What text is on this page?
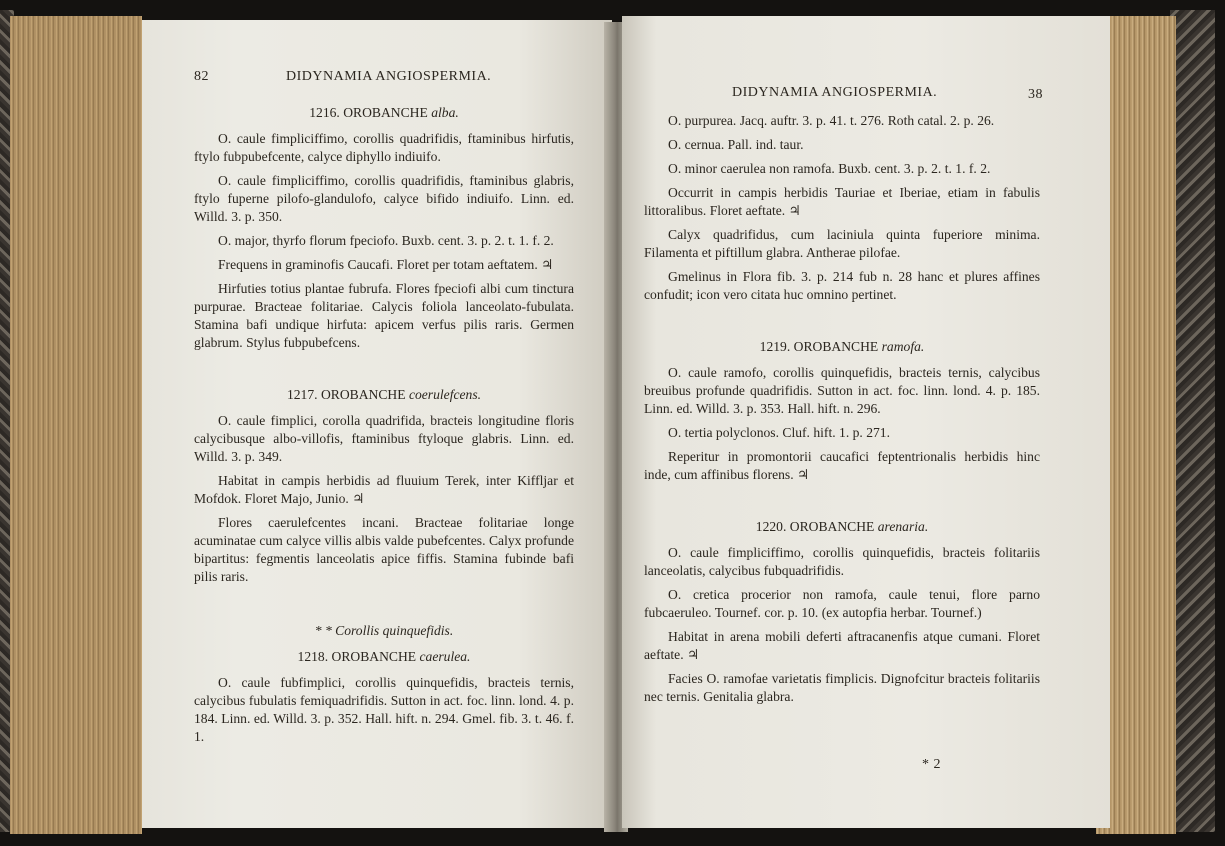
82	DIDYNAMIA ANGIOSPERMIA.
1216. OROBANCHE alba.

O. caule fimpliciffimo, corollis quadrifidis, ftaminibus hirfutis, ftylo fubpubefcente, calyce diphyllo indiuifo.

O. caule fimpliciffimo, corollis quadrifidis, ftaminibus glabris, ftylo fuperne pilofo-glandulofo, calyce bifido indiuifo. Linn. ed. Willd. 3. p. 350.

O. major, thyrfo florum fpeciofo. Buxb. cent. 3. p. 2. t. 1. f. 2.

Frequens in graminofis Caucafi. Floret per totam aeftatem. ♃

Hirfuties totius plantae fubrufa. Flores fpeciofi albi cum tinctura purpurae. Bracteae folitariae. Calycis foliola lanceolato-fubulata. Stamina bafi undique hirfuta: apicem verfus pilis raris. Germen glabrum. Stylus fubpubefcens.

1217. OROBANCHE coerulefcens.

O. caule fimplici, corolla quadrifida, bracteis longitudine floris calycibusque albo-villofis, ftaminibus ftyloque glabris. Linn. ed. Willd. 3. p. 349.

Habitat in campis herbidis ad fluuium Terek, inter Kiffljar et Mofdok. Floret Majo, Junio. ♃

Flores caerulefcentes incani. Bracteae folitariae longe acuminatae cum calyce villis albis valde pubefcentes. Calyx profunde bipartitus: fegmentis lanceolatis apice fiffis. Stamina fubinde bafi pilis raris.

* * Corollis quinquefidis.

1218. OROBANCHE caerulea.

O. caule fubfimplici, corollis quinquefidis, bracteis ternis, calycibus fubulatis femiquadrifidis. Sutton in act. foc. linn. lond. 4. p. 184. Linn. ed. Willd. 3. p. 352. Hall. hift. n. 294. Gmel. fib. 3. t. 46. f. 1.

DIDYNAMIA ANGIOSPERMIA.	38

O. purpurea. Jacq. auftr. 3. p. 41. t. 276. Roth catal. 2. p. 26.

O. cernua. Pall. ind. taur.

O. minor caerulea non ramofa. Buxb. cent. 3. p. 2. t. 1. f. 2.

Occurrit in campis herbidis Tauriae et Iberiae, etiam in fabulis littoralibus. Floret aeftate. ♃

Calyx quadrifidus, cum laciniula quinta fuperiore minima. Filamenta et piftillum glabra. Antherae pilofae.

Gmelinus in Flora fib. 3. p. 214 fub n. 28 hanc et plures affines confudit; icon vero citata huc omnino pertinet.

1219. OROBANCHE ramofa.

O. caule ramofo, corollis quinquefidis, bracteis ternis, calycibus breuibus profunde quadrifidis. Sutton in act. foc. linn. lond. 4. p. 185. Linn. ed. Willd. 3. p. 353. Hall. hift. n. 296.

O. tertia polyclonos. Cluf. hift. 1. p. 271.

Reperitur in promontorii caucafici feptentrionalis herbidis hinc inde, cum affinibus florens. ♃

1220. OROBANCHE arenaria.

O. caule fimpliciffimo, corollis quinquefidis, bracteis folitariis lanceolatis, calycibus fubquadrifidis.

O. cretica procerior non ramofa, caule tenui, flore parno fubcaeruleo. Tournef. cor. p. 10. (ex autopfia herbar. Tournef.)

Habitat in arena mobili deferti aftracanenfis atque cumani. Floret aeftate. ♃

Facies O. ramofae varietatis fimplicis. Dignofcitur bracteis folitariis nec ternis. Genitalia glabra.

* 2
